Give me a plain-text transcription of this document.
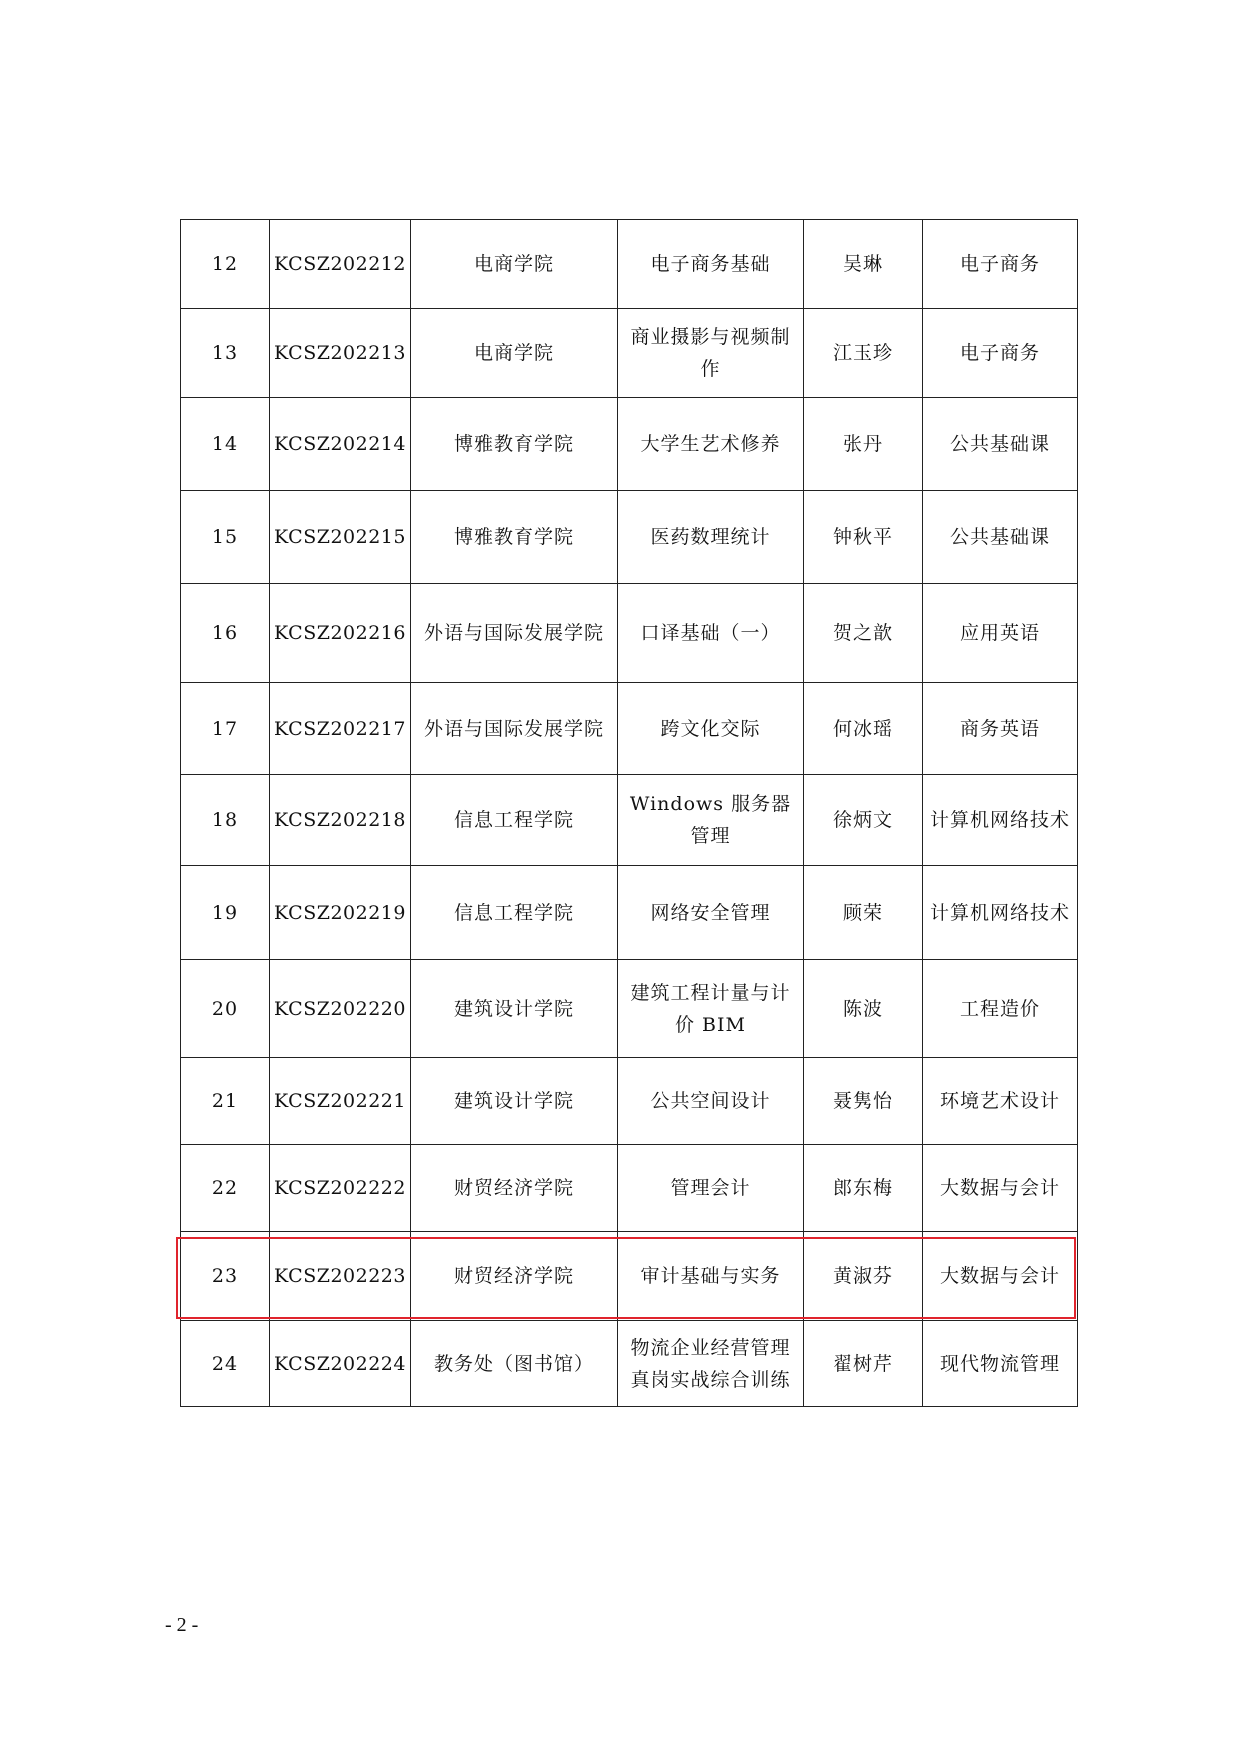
12	KCSZ202212	电商学院	电子商务基础	吴琳	电子商务
13	KCSZ202213	电商学院	商业摄影与视频制作	江玉珍	电子商务
14	KCSZ202214	博雅教育学院	大学生艺术修养	张丹	公共基础课
15	KCSZ202215	博雅教育学院	医药数理统计	钟秋平	公共基础课
16	KCSZ202216	外语与国际发展学院	口译基础（一）	贺之歆	应用英语
17	KCSZ202217	外语与国际发展学院	跨文化交际	何冰瑶	商务英语
18	KCSZ202218	信息工程学院	Windows 服务器管理	徐炳文	计算机网络技术
19	KCSZ202219	信息工程学院	网络安全管理	顾荣	计算机网络技术
20	KCSZ202220	建筑设计学院	建筑工程计量与计价 BIM	陈波	工程造价
21	KCSZ202221	建筑设计学院	公共空间设计	聂隽怡	环境艺术设计
22	KCSZ202222	财贸经济学院	管理会计	郎东梅	大数据与会计
23	KCSZ202223	财贸经济学院	审计基础与实务	黄淑芬	大数据与会计
24	KCSZ202224	教务处（图书馆）	物流企业经营管理真岗实战综合训练	翟树芹	现代物流管理
- 2 -
